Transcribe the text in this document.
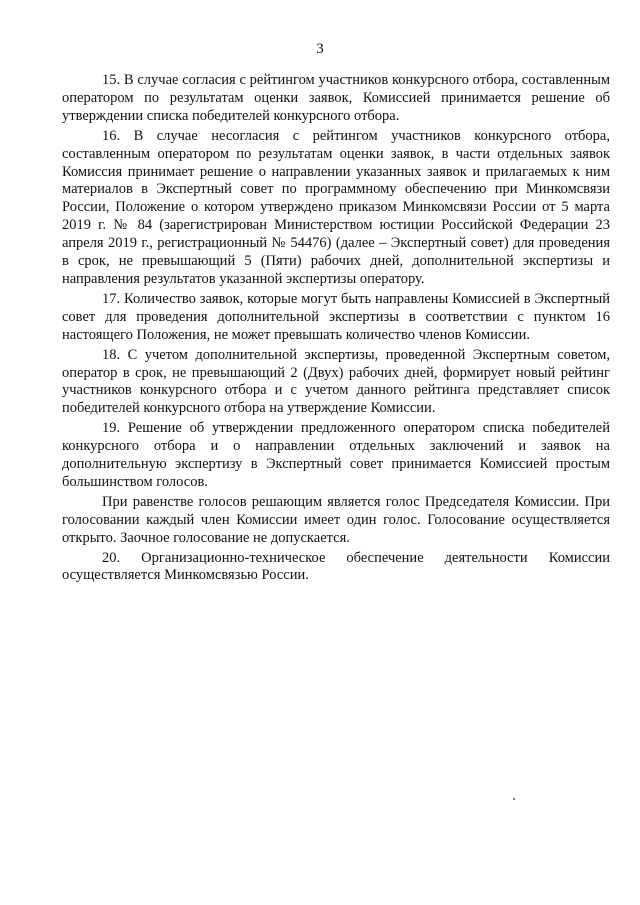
3

15. В случае согласия с рейтингом участников конкурсного отбора, составленным оператором по результатам оценки заявок, Комиссией принимается решение об утверждении списка победителей конкурсного отбора.

16. В случае несогласия с рейтингом участников конкурсного отбора, составленным оператором по результатам оценки заявок, в части отдельных заявок Комиссия принимает решение о направлении указанных заявок и прилагаемых к ним материалов в Экспертный совет по программному обеспечению при Минкомсвязи России, Положение о котором утверждено приказом Минкомсвязи России от 5 марта 2019 г. № 84 (зарегистрирован Министерством юстиции Российской Федерации 23 апреля 2019 г., регистрационный № 54476) (далее – Экспертный совет) для проведения в срок, не превышающий 5 (Пяти) рабочих дней, дополнительной экспертизы и направления результатов указанной экспертизы оператору.

17. Количество заявок, которые могут быть направлены Комиссией в Экспертный совет для проведения дополнительной экспертизы в соответствии с пунктом 16 настоящего Положения, не может превышать количество членов Комиссии.

18. С учетом дополнительной экспертизы, проведенной Экспертным советом, оператор в срок, не превышающий 2 (Двух) рабочих дней, формирует новый рейтинг участников конкурсного отбора и с учетом данного рейтинга представляет список победителей конкурсного отбора на утверждение Комиссии.

19. Решение об утверждении предложенного оператором списка победителей конкурсного отбора и о направлении отдельных заключений и заявок на дополнительную экспертизу в Экспертный совет принимается Комиссией простым большинством голосов.

При равенстве голосов решающим является голос Председателя Комиссии. При голосовании каждый член Комиссии имеет один голос. Голосование осуществляется открыто. Заочное голосование не допускается.

20. Организационно-техническое обеспечение деятельности Комиссии осуществляется Минкомсвязью России.
